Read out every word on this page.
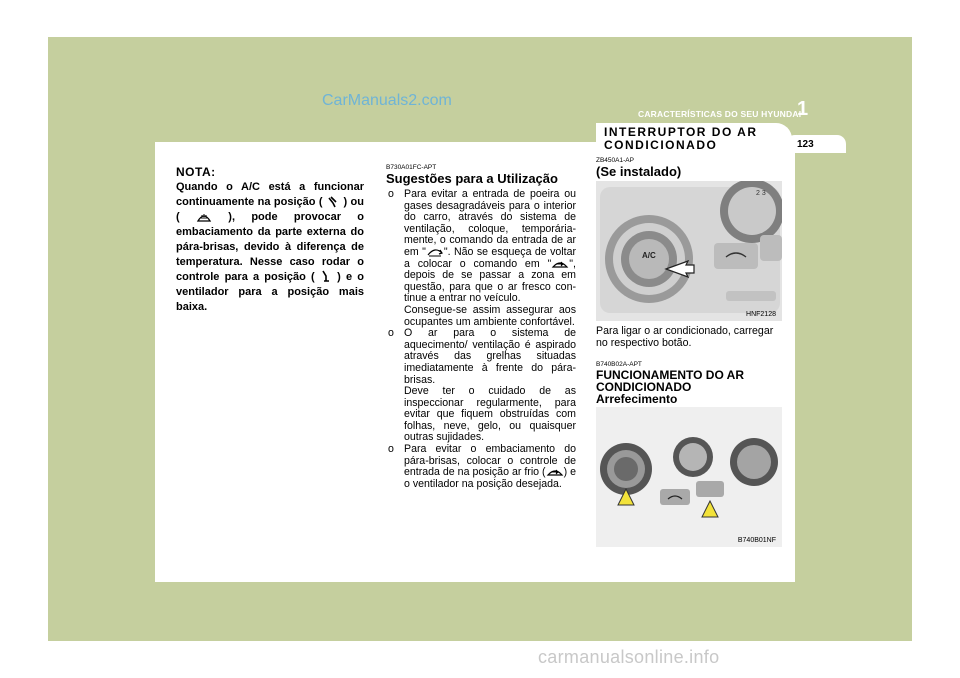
CarManuals2.com
CARACTERÍSTICAS DO SEU HYUNDAI
1
INTERRUPTOR DO AR
CONDICIONADO	123
NOTA:
Quando o A/C está a funcionar continuamente na posição ( ) ou (	), pode provocar o embaciamento da parte externa do pára-brisas, devido à diferença de temperatura. Nesse caso rodar o controle para a posição ( ) e o ventilador para a posição mais baixa.
B730A01FC-APT
Sugestões para a Utilização
o Para evitar a entrada de poeira ou gases desagradáveis para o interior do carro, através do sistema de ventilação, coloque, temporária-mente, o comando da entrada de ar em " ". Não se esqueça de voltar a colocar o comando em " ", depois de se passar a zona em questão, para que o ar fresco con-tinue a entrar no veículo.
Consegue-se assim assegurar aos ocupantes um ambiente confortável.
o O ar para o sistema de aquecimento/ ventilação é aspirado através das grelhas situadas imediatamente à frente do pára-brisas.
Deve ter o cuidado de as inspeccionar regularmente, para evitar que fiquem obstruídas com folhas, neve, gelo, ou quaisquer outras sujidades.
o Para evitar o embaciamento do pára-brisas, colocar o controle de entrada de na posição ar frio ( ) e o ventilador na posição desejada.
ZB450A1-AP
(Se instalado)
2 3
A/C
HNF2128
Para ligar o ar condicionado, carregar no respectivo botão.
B740B02A-APT
FUNCIONAMENTO DO AR
CONDICIONADO
Arrefecimento
B740B01NF
carmanualsonline.info
